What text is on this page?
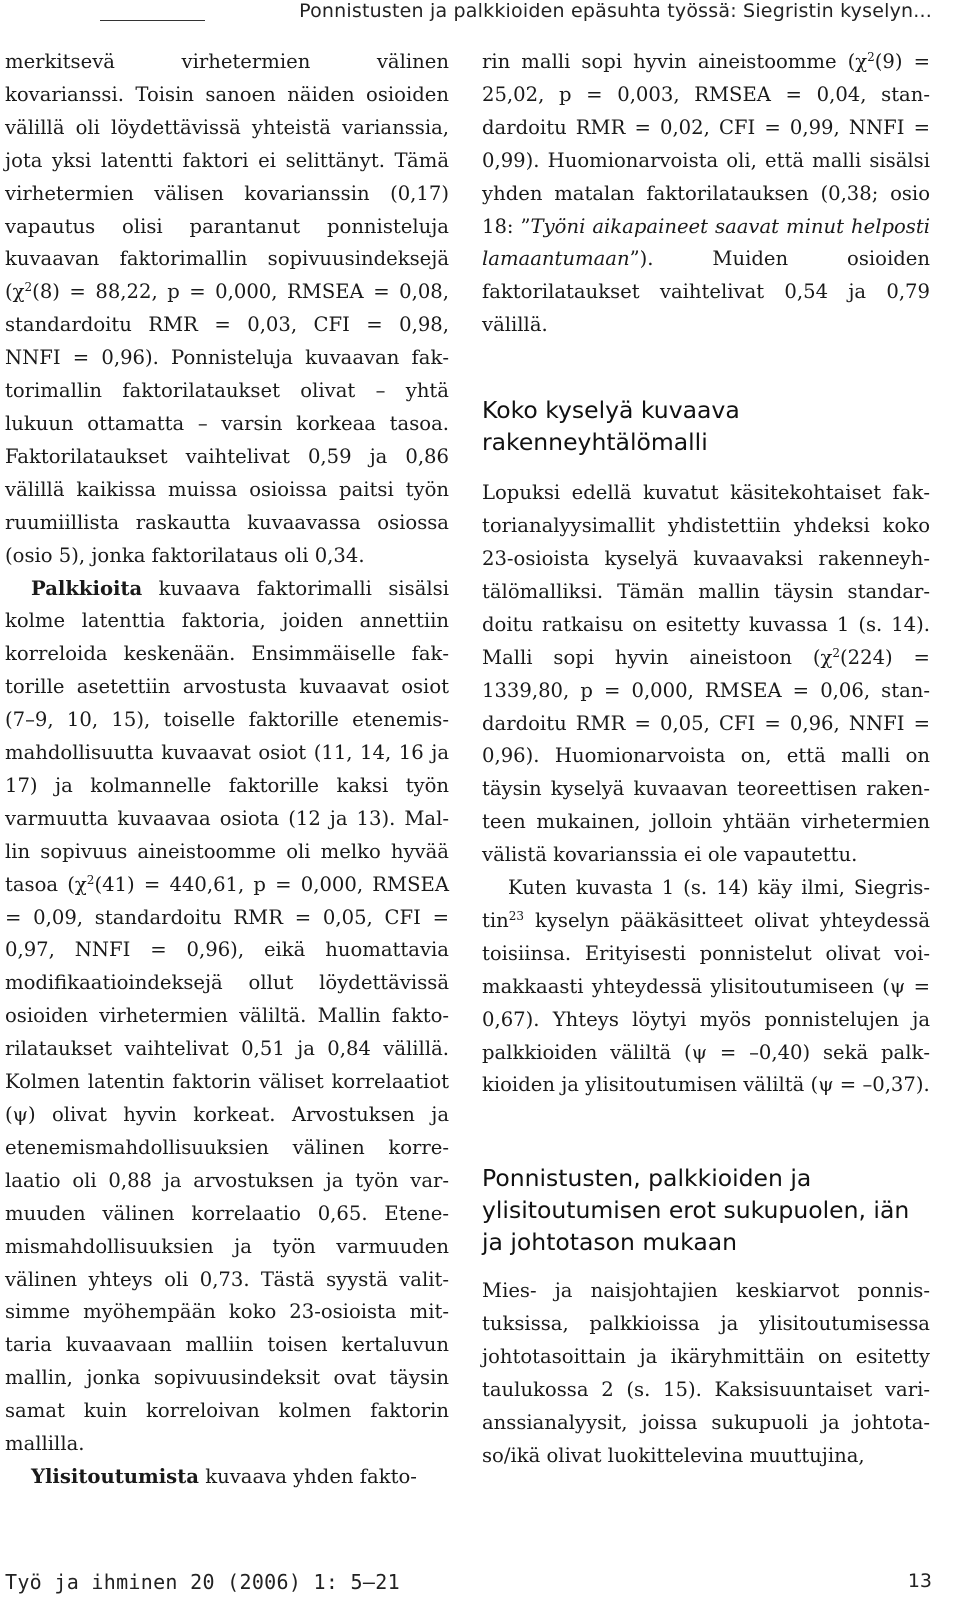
Ponnistusten ja palkkioiden epäsuhta työssä: Siegristin kyselyn...

merkitsevä virhetermien välinen kovarianssi. Toisin sanoen näiden osioiden välillä oli löydettävissä yhteistä varianssia, jota yksi latentti faktori ei selittänyt. Tämä virhetermien välisen kovarianssin (0,17) vapautus olisi parantanut ponnisteluja kuvaavan faktorimallin sopivuusindeksejä ($\chi^2(8) = 88,22$, p = 0,000, RMSEA = 0,08, standardoitu RMR = 0,03, CFI = 0,98, NNFI = 0,96). Ponnisteluja kuvaavan faktorimallin faktorilataukset olivat – yhtä lukuun ottamatta – varsin korkeaa tasoa. Faktorilataukset vaihtelivat 0,59 ja 0,86 välillä kaikissa muissa osioissa paitsi työn ruumiillista raskautta kuvaavassa osiossa (osio 5), jonka faktorilataus oli 0,34.

Palkkioita kuvaava faktorimalli sisälsi kolme latenttia faktoria, joiden annettiin korreloida keskenään. Ensimmäiselle faktorille asetettiin arvostusta kuvaavat osiot (7–9, 10, 15), toiselle faktorille etenemismahdollisuutta kuvaavat osiot (11, 14, 16 ja 17) ja kolmannelle faktorille kaksi työn varmuutta kuvaavaa osiota (12 ja 13). Mallin sopivuus aineistoomme oli melko hyvää tasoa ($\chi^2(41) = 440,61$, p = 0,000, RMSEA = 0,09, standardoitu RMR = 0,05, CFI = 0,97, NNFI = 0,96), eikä huomattavia modifikaatioindeksejä ollut löydettävissä osioiden virhetermien väliltä. Mallin faktorilataukset vaihtelivat 0,51 ja 0,84 välillä. Kolmen latentin faktorin väliset korrelaatiot (ψ) olivat hyvin korkeat. Arvostuksen ja etenemismahdollisuuksien välinen korrelaatio oli 0,88 ja arvostuksen ja työn varmuuden välinen korrelaatio 0,65. Etenemismahdollisuuksien ja työn varmuuden välinen yhteys oli 0,73. Tästä syystä valitsimme myöhempään koko 23-osioista mittaria kuvaavaan malliin toisen kertaluvun mallin, jonka sopivuusindeksit ovat täysin samat kuin korreloivan kolmen faktorin mallilla.

Ylisitoutumista kuvaava yhden fakto-

rin malli sopi hyvin aineistoomme ($\chi^2(9) = 25,02$, p = 0,003, RMSEA = 0,04, standardoitu RMR = 0,02, CFI = 0,99, NNFI = 0,99). Huomionarvoista oli, että malli sisälsi yhden matalan faktorilatauksen (0,38; osio 18: ”Työni aikapaineet saavat minut helposti lamaantumaan”). Muiden osioiden faktorilataukset vaihtelivat 0,54 ja 0,79 välillä.

Koko kyselyä kuvaava rakenneyhtälömalli

Lopuksi edellä kuvatut käsitekohtaiset faktorianalyysimallit yhdistettiin yhdeksi koko 23-osioista kyselyä kuvaavaksi rakenneyhtälömalliksi. Tämän mallin täysin standardoitu ratkaisu on esitetty kuvassa 1 (s. 14). Malli sopi hyvin aineistoon ($\chi^2(224) = 1339,80$, p = 0,000, RMSEA = 0,06, standardoitu RMR = 0,05, CFI = 0,96, NNFI = 0,96). Huomionarvoista on, että malli on täysin kyselyä kuvaavan teoreettisen rakenteen mukainen, jolloin yhtään virhetermien välistä kovarianssia ei ole vapautettu.

Kuten kuvasta 1 (s. 14) käy ilmi, Siegristin$^{23}$ kyselyn pääkäsitteet olivat yhteydessä toisiinsa. Erityisesti ponnistelut olivat voimakkaasti yhteydessä ylisitoutumiseen (ψ = 0,67). Yhteys löytyi myös ponnistelujen ja palkkioiden väliltä (ψ = –0,40) sekä palkkioiden ja ylisitoutumisen väliltä (ψ = –0,37).

Ponnistusten, palkkioiden ja ylisitoutumisen erot sukupuolen, iän ja johtotason mukaan

Mies- ja naisjohtajien keskiarvot ponnistuksissa, palkkioissa ja ylisitoutumisessa johtotasoittain ja ikäryhmittäin on esitetty taulukossa 2 (s. 15). Kaksisuuntaiset varianssianalyysit, joissa sukupuoli ja johtotaso/ikä olivat luokittelevina muuttujina,

Työ ja ihminen 20 (2006) 1: 5—21	13
